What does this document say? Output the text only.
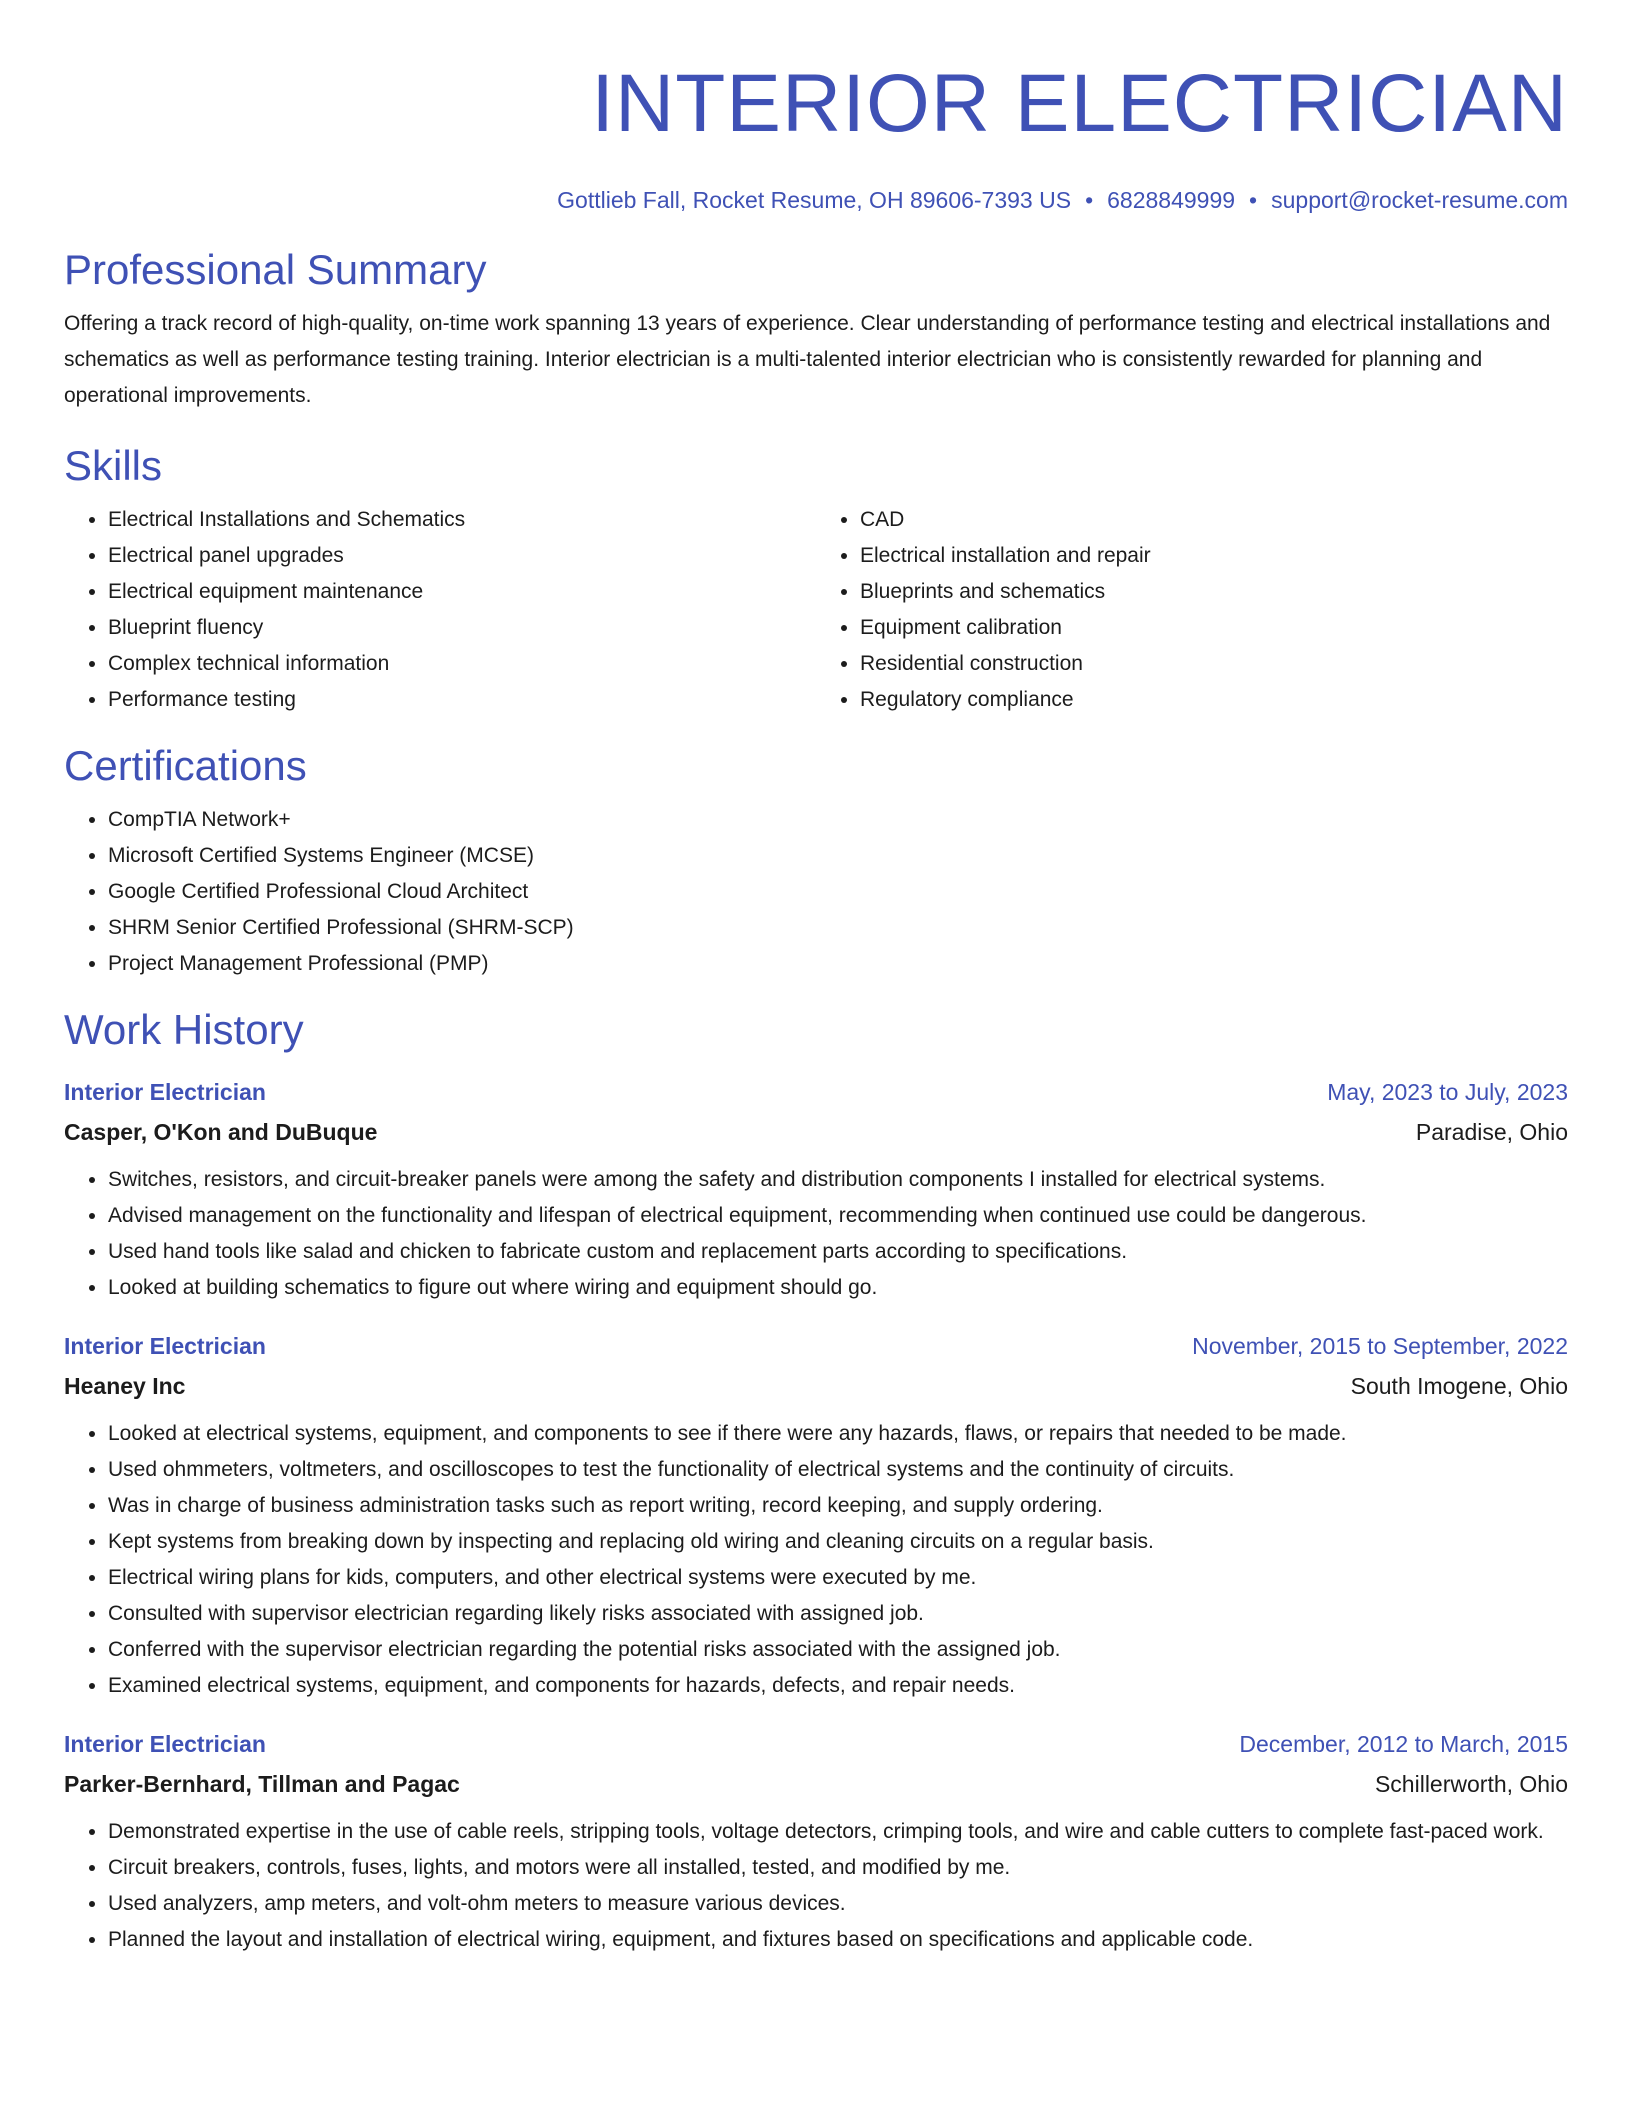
INTERIOR ELECTRICIAN
Gottlieb Fall, Rocket Resume, OH 89606-7393 US • 6828849999 • support@rocket-resume.com
Professional Summary
Offering a track record of high-quality, on-time work spanning 13 years of experience. Clear understanding of performance testing and electrical installations and schematics as well as performance testing training. Interior electrician is a multi-talented interior electrician who is consistently rewarded for planning and operational improvements.
Skills
• Electrical Installations and Schematics
• Electrical panel upgrades
• Electrical equipment maintenance
• Blueprint fluency
• Complex technical information
• Performance testing
• CAD
• Electrical installation and repair
• Blueprints and schematics
• Equipment calibration
• Residential construction
• Regulatory compliance
Certifications
• CompTIA Network+
• Microsoft Certified Systems Engineer (MCSE)
• Google Certified Professional Cloud Architect
• SHRM Senior Certified Professional (SHRM-SCP)
• Project Management Professional (PMP)
Work History
Interior Electrician	May, 2023 to July, 2023
Casper, O'Kon and DuBuque	Paradise, Ohio
• Switches, resistors, and circuit-breaker panels were among the safety and distribution components I installed for electrical systems.
• Advised management on the functionality and lifespan of electrical equipment, recommending when continued use could be dangerous.
• Used hand tools like salad and chicken to fabricate custom and replacement parts according to specifications.
• Looked at building schematics to figure out where wiring and equipment should go.
Interior Electrician	November, 2015 to September, 2022
Heaney Inc	South Imogene, Ohio
• Looked at electrical systems, equipment, and components to see if there were any hazards, flaws, or repairs that needed to be made.
• Used ohmmeters, voltmeters, and oscilloscopes to test the functionality of electrical systems and the continuity of circuits.
• Was in charge of business administration tasks such as report writing, record keeping, and supply ordering.
• Kept systems from breaking down by inspecting and replacing old wiring and cleaning circuits on a regular basis.
• Electrical wiring plans for kids, computers, and other electrical systems were executed by me.
• Consulted with supervisor electrician regarding likely risks associated with assigned job.
• Conferred with the supervisor electrician regarding the potential risks associated with the assigned job.
• Examined electrical systems, equipment, and components for hazards, defects, and repair needs.
Interior Electrician	December, 2012 to March, 2015
Parker-Bernhard, Tillman and Pagac	Schillerworth, Ohio
• Demonstrated expertise in the use of cable reels, stripping tools, voltage detectors, crimping tools, and wire and cable cutters to complete fast-paced work.
• Circuit breakers, controls, fuses, lights, and motors were all installed, tested, and modified by me.
• Used analyzers, amp meters, and volt-ohm meters to measure various devices.
• Planned the layout and installation of electrical wiring, equipment, and fixtures based on specifications and applicable code.
